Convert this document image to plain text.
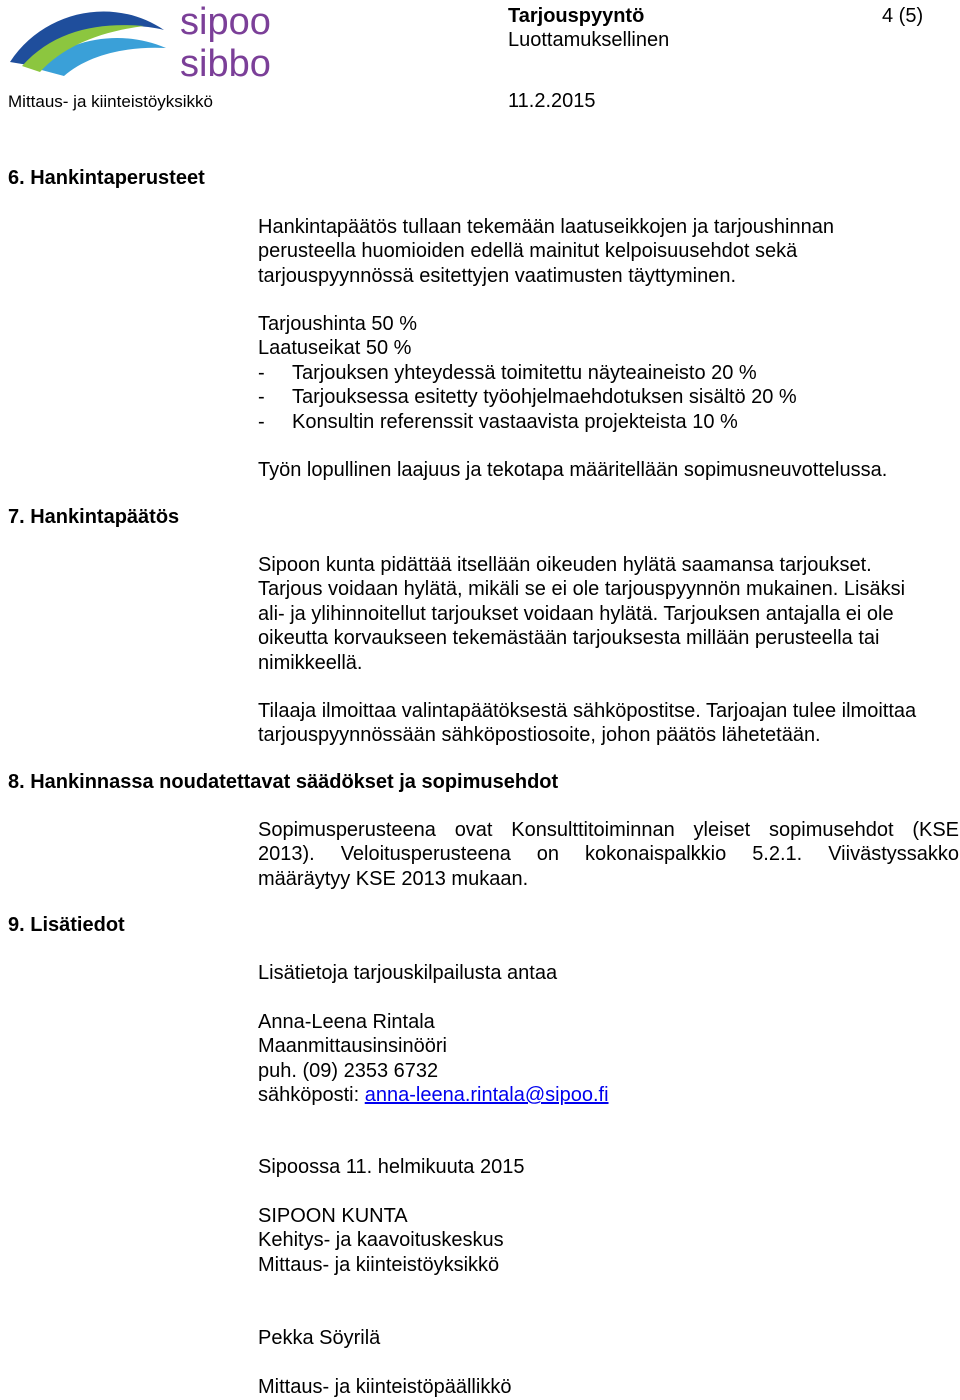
sipoo
sibbo
Tarjouspyyntö
Luottamuksellinen
4 (5)
Mittaus- ja kiinteistöyksikkö	11.2.2015
6. Hankintaperusteet
Hankintapäätös tullaan tekemään laatuseikkojen ja tarjoushinnan
perusteella huomioiden edellä mainitut kelpoisuusehdot sekä
tarjouspyynnössä esitettyjen vaatimusten täyttyminen.
Tarjoushinta 50 %
Laatuseikat 50 %
- Tarjouksen yhteydessä toimitettu näyteaineisto 20 %
- Tarjouksessa esitetty työohjelmaehdotuksen sisältö 20 %
- Konsultin referenssit vastaavista projekteista 10 %
Työn lopullinen laajuus ja tekotapa määritellään sopimusneuvottelussa.
7. Hankintapäätös
Sipoon kunta pidättää itsellään oikeuden hylätä saamansa tarjoukset.
Tarjous voidaan hylätä, mikäli se ei ole tarjouspyynnön mukainen. Lisäksi
ali- ja ylihinnoitellut tarjoukset voidaan hylätä. Tarjouksen antajalla ei ole
oikeutta korvaukseen tekemästään tarjouksesta millään perusteella tai
nimikkeellä.
Tilaaja ilmoittaa valintapäätöksestä sähköpostitse. Tarjoajan tulee ilmoittaa
tarjouspyynnössään sähköpostiosoite, johon päätös lähetetään.
8. Hankinnassa noudatettavat säädökset ja sopimusehdot
Sopimusperusteena ovat Konsulttitoiminnan yleiset sopimusehdot (KSE
2013). Veloitusperusteena on kokonaispalkkio 5.2.1. Viivästyssakko
määräytyy KSE 2013 mukaan.
9. Lisätiedot
Lisätietoja tarjouskilpailusta antaa
Anna-Leena Rintala
Maanmittausinsinööri
puh. (09) 2353 6732
sähköposti: anna-leena.rintala@sipoo.fi
Sipoossa 11. helmikuuta 2015
SIPOON KUNTA
Kehitys- ja kaavoituskeskus
Mittaus- ja kiinteistöyksikkö
Pekka Söyrilä
Mittaus- ja kiinteistöpäällikkö
